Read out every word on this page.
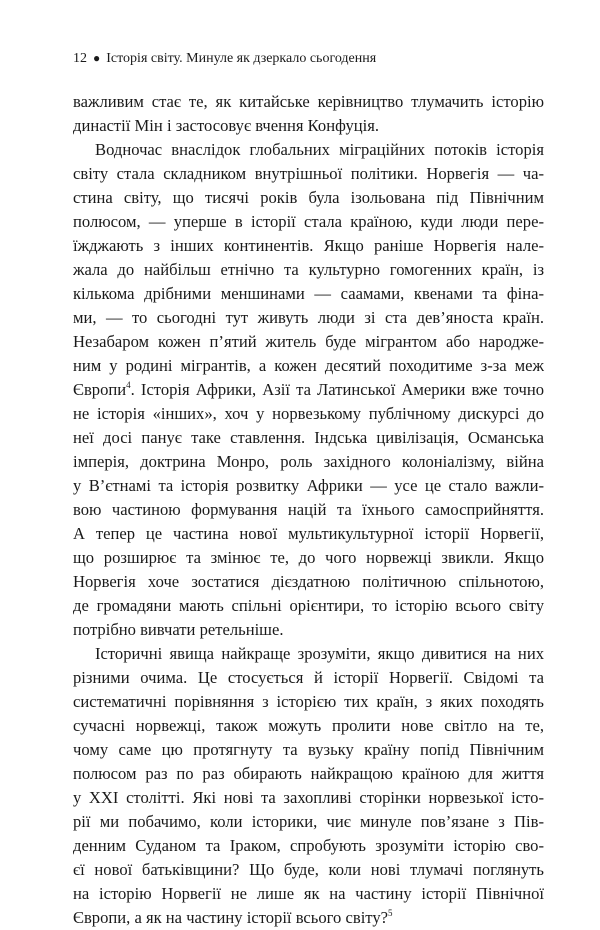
12 ● Історія світу. Минуле як дзеркало сьогодення
важливим стає те, як китайське керівництво тлумачить історію
династії Мін і застосовує вчення Конфуція.
Водночас внаслідок глобальних міграційних потоків історія
світу стала складником внутрішньої політики. Норвегія — ча-
стина світу, що тисячі років була ізольована під Північним
полюсом, — уперше в історії стала країною, куди люди пере-
їжджають з інших континентів. Якщо раніше Норвегія нале-
жала до найбільш етнічно та культурно гомогенних країн, із
кількома дрібними меншинами — саамами, квенами та фіна-
ми, — то сьогодні тут живуть люди зі ста дев’яноста країн.
Незабаром кожен п’ятий житель буде мігрантом або народже-
ним у родині мігрантів, а кожен десятий походитиме з-за меж
Європи$^4$. Історія Африки, Азії та Латинської Америки вже точно
не історія «інших», хоч у норвезькому публічному дискурсі до
неї досі панує таке ставлення. Індська цивілізація, Османська
імперія, доктрина Монро, роль західного колоніалізму, війна
у В’єтнамі та історія розвитку Африки — усе це стало важли-
вою частиною формування націй та їхнього самосприйняття.
А тепер це частина нової мультикультурної історії Норвегії,
що розширює та змінює те, до чого норвежці звикли. Якщо
Норвегія хоче зостатися дієздатною політичною спільнотою,
де громадяни мають спільні орієнтири, то історію всього світу
потрібно вивчати ретельніше.
Історичні явища найкраще зрозуміти, якщо дивитися на них
різними очима. Це стосується й історії Норвегії. Свідомі та
систематичні порівняння з історією тих країн, з яких походять
сучасні норвежці, також можуть пролити нове світло на те,
чому саме цю протягнуту та вузьку країну попід Північним
полюсом раз по раз обирають найкращою країною для життя
у XXI столітті. Які нові та захопливі сторінки норвезької істо-
рії ми побачимо, коли історики, чиє минуле пов’язане з Пів-
денним Суданом та Іраком, спробують зрозуміти історію сво-
єї нової батьківщини? Що буде, коли нові тлумачі поглянуть
на історію Норвегії не лише як на частину історії Північної
Європи, а як на частину історії всього світу?$^5$
